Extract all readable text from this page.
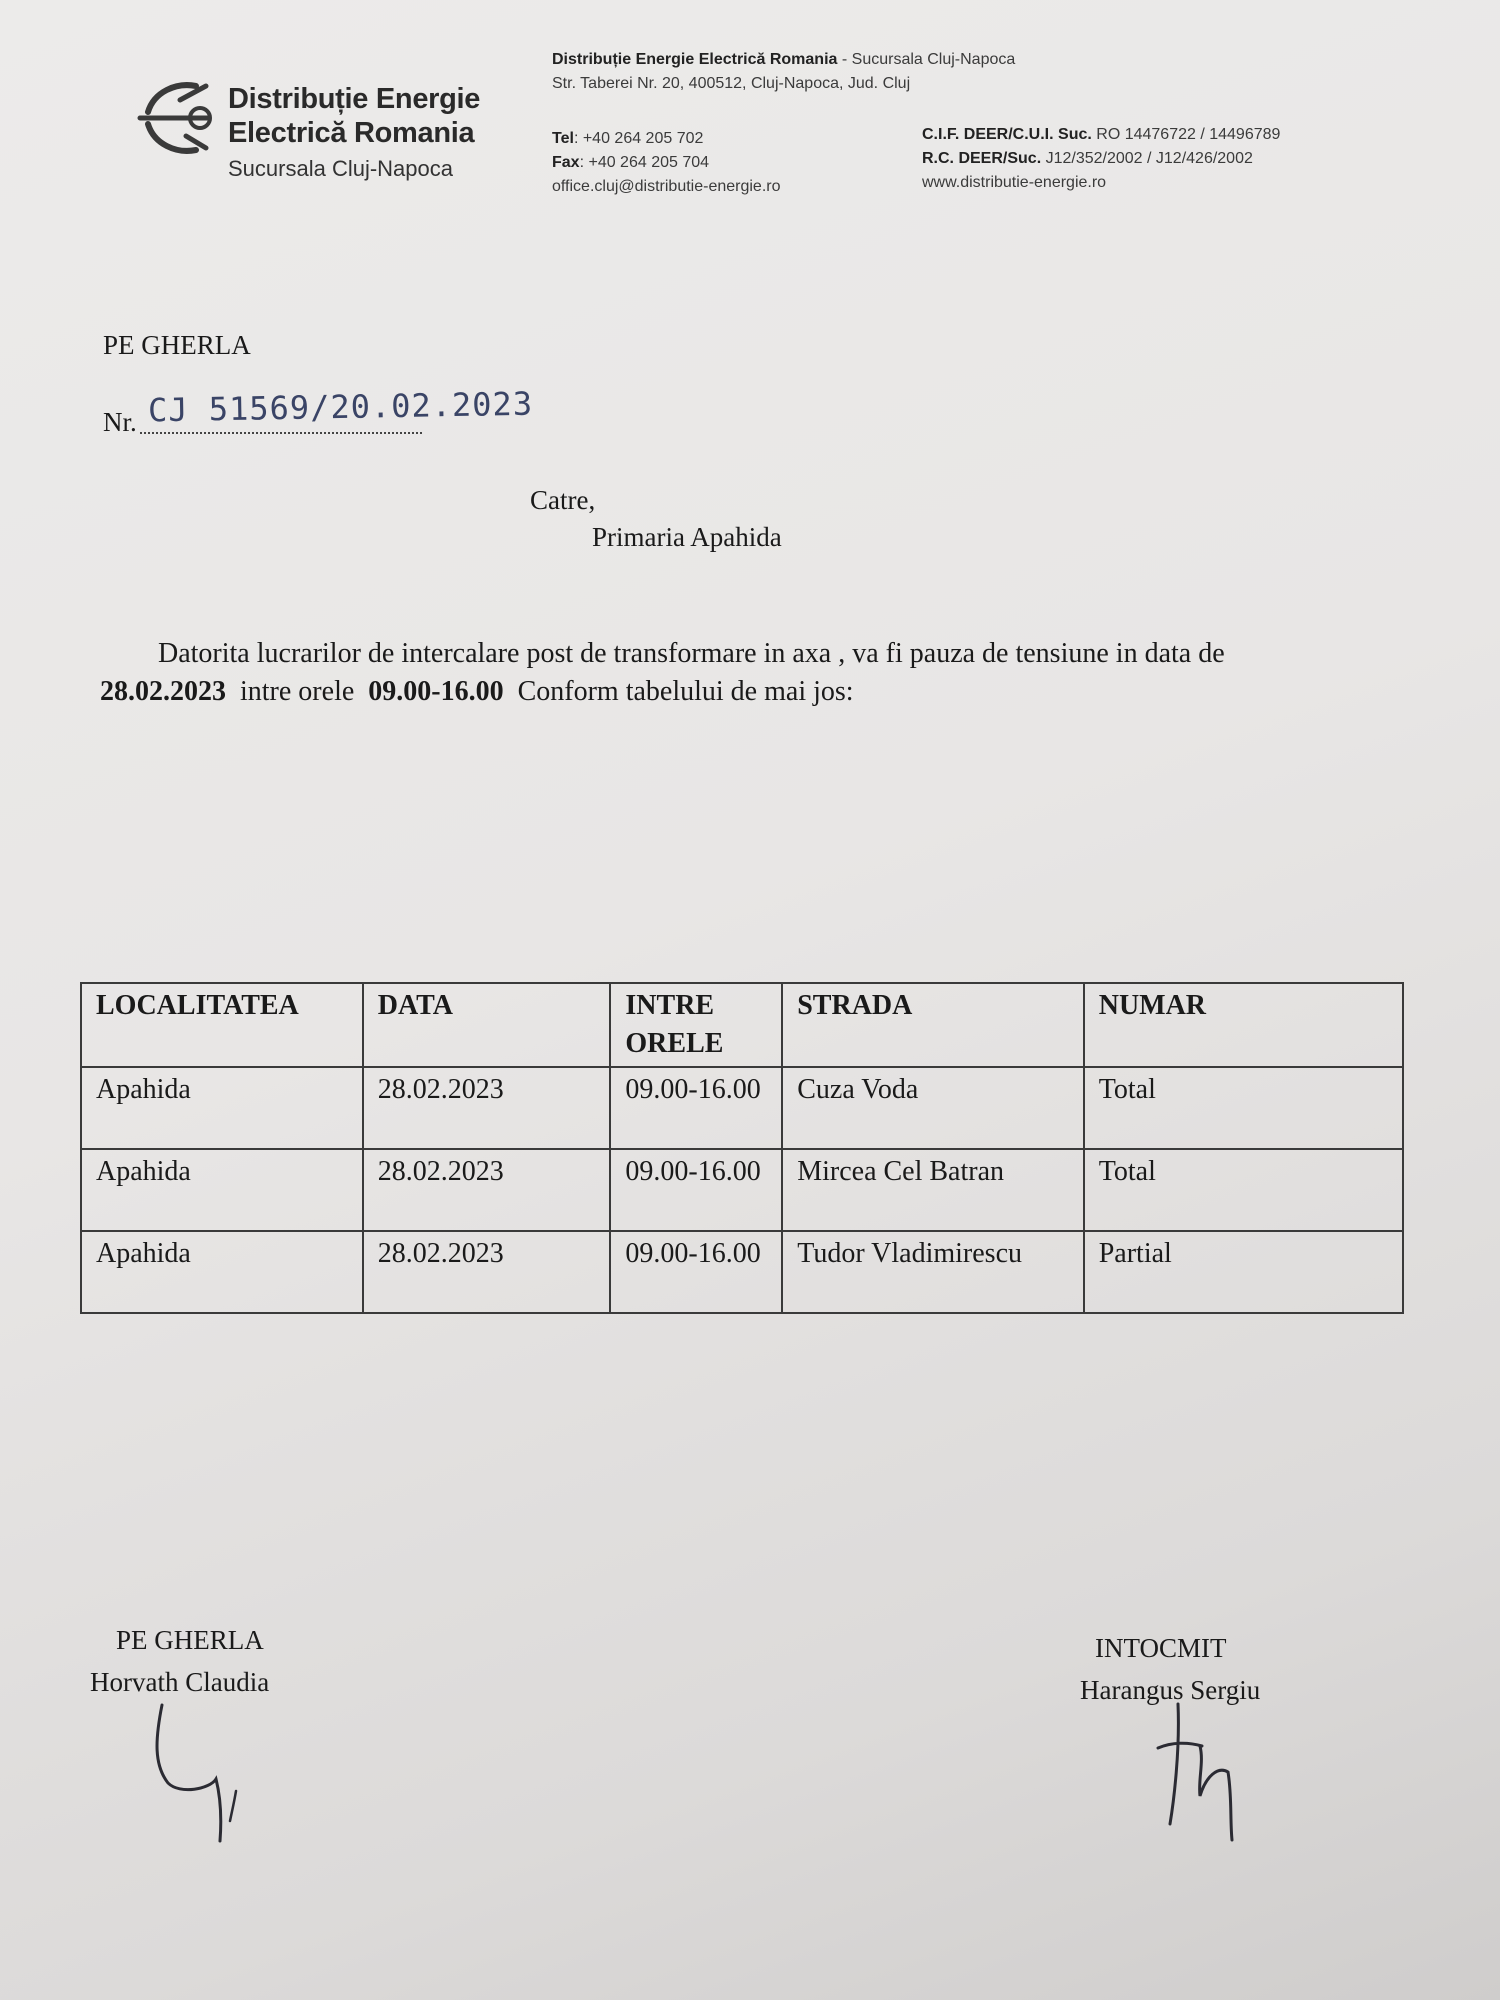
Distribuție Energie
Electrică Romania
Sucursala Cluj-Napoca
Distribuție Energie Electrică Romania - Sucursala Cluj-Napoca
Str. Taberei Nr. 20, 400512, Cluj-Napoca, Jud. Cluj
Tel: +40 264 205 702
Fax: +40 264 205 704
office.cluj@distributie-energie.ro
C.I.F. DEER/C.U.I. Suc. RO 14476722 / 14496789
R.C. DEER/Suc. J12/352/2002 / J12/426/2002
www.distributie-energie.ro
PE GHERLA
Nr. CJ 51569/20.02.2023
Catre,
Primaria Apahida
Datorita lucrarilor de intercalare post de transformare in axa , va fi pauza de tensiune in data de 28.02.2023  intre orele  09.00-16.00  Conform tabelului de mai jos:
LOCALITATEA	DATA	INTRE ORELE	STRADA	NUMAR
Apahida	28.02.2023	09.00-16.00	Cuza Voda	Total
Apahida	28.02.2023	09.00-16.00	Mircea Cel Batran	Total
Apahida	28.02.2023	09.00-16.00	Tudor Vladimirescu	Partial
PE GHERLA
Horvath Claudia
INTOCMIT
Harangus Sergiu
